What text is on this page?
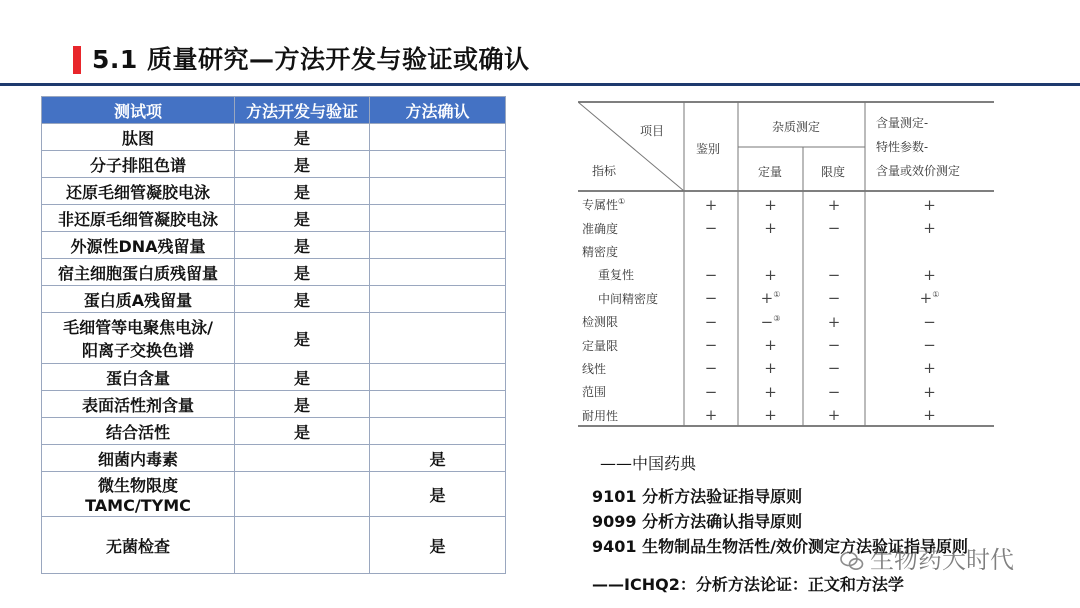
5.1 质量研究—方法开发与验证或确认
测试项	方法开发与验证	方法确认
肽图	是	
分子排阻色谱	是	
还原毛细管凝胶电泳	是	
非还原毛细管凝胶电泳	是	
外源性DNA残留量	是	
宿主细胞蛋白质残留量	是	
蛋白质A残留量	是	
毛细管等电聚焦电泳/
阳离子交换色谱	是	
蛋白含量	是	
表面活性剂含量	是	
结合活性	是	
细菌内毒素		是
微生物限度
TAMC/TYMC		是
无菌检查		是
项目
指标
鉴别
杂质测定
定量	限度
含量测定-
特性参数-
含量或效价测定
专属性①	+	+	+	+
准确度	−	+	−	+
精密度				
重复性	−	+	−	+
中间精密度	−	+①	−	+①
检测限	−	−③	+	−
定量限	−	+	−	−
线性	−	+	−	+
范围	−	+	−	+
耐用性	+	+	+	+
——中国药典
9101 分析方法验证指导原则
9099 分析方法确认指导原则
9401 生物制品生物活性/效价测定方法验证指导原则
——ICHQ2：分析方法论证：正文和方法学
生物药大时代
